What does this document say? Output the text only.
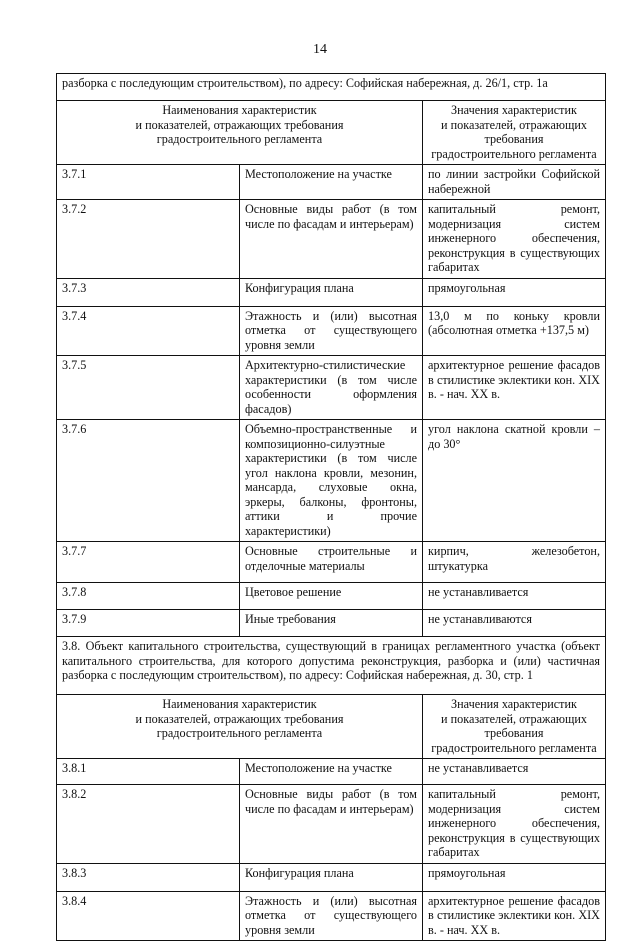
14
разборка с последующим строительством), по адресу: Софийская набережная, д. 26/1, стр. 1а		
Наименования характеристик
и показателей, отражающих требования
градостроительного регламента		Значения характеристик
и показателей, отражающих требования
градостроительного регламента
3.7.1	Местоположение на участке	по линии застройки Софийской набережной
3.7.2	Основные виды работ (в том числе по фасадам и интерьерам)	капитальный ремонт, модернизация систем инженерного обеспечения, реконструкция в существующих габаритах
3.7.3	Конфигурация плана	прямоугольная
3.7.4	Этажность и (или) высотная отметка от существующего уровня земли	13,0 м по коньку кровли (абсолютная отметка +137,5 м)
3.7.5	Архитектурно-стилистические характеристики (в том числе особенности оформления фасадов)	архитектурное решение фасадов в стилистике эклектики кон. XIX в. - нач. XX в.
3.7.6	Объемно-пространственные и композиционно-силуэтные характеристики (в том числе угол наклона кровли, мезонин, мансарда, слуховые окна, эркеры, балконы, фронтоны, аттики и прочие характеристики)	угол наклона скатной кровли – до 30°
3.7.7	Основные строительные и отделочные материалы	кирпич, железобетон, штукатурка
3.7.8	Цветовое решение	не устанавливается
3.7.9	Иные требования	не устанавливаются
3.8. Объект капитального строительства, существующий в границах регламентного участка (объект капитального строительства, для которого допустима реконструкция, разборка и (или) частичная разборка с последующим строительством), по адресу: Софийская набережная, д. 30, стр. 1		
Наименования характеристик
и показателей, отражающих требования
градостроительного регламента		Значения характеристик
и показателей, отражающих требования
градостроительного регламента
3.8.1	Местоположение на участке	не устанавливается
3.8.2	Основные виды работ (в том числе по фасадам и интерьерам)	капитальный ремонт, модернизация систем инженерного обеспечения, реконструкция в существующих габаритах
3.8.3	Конфигурация плана	прямоугольная
3.8.4	Этажность и (или) высотная отметка от существующего уровня земли	архитектурное решение фасадов в стилистике эклектики кон. XIX в. - нач. XX в.
